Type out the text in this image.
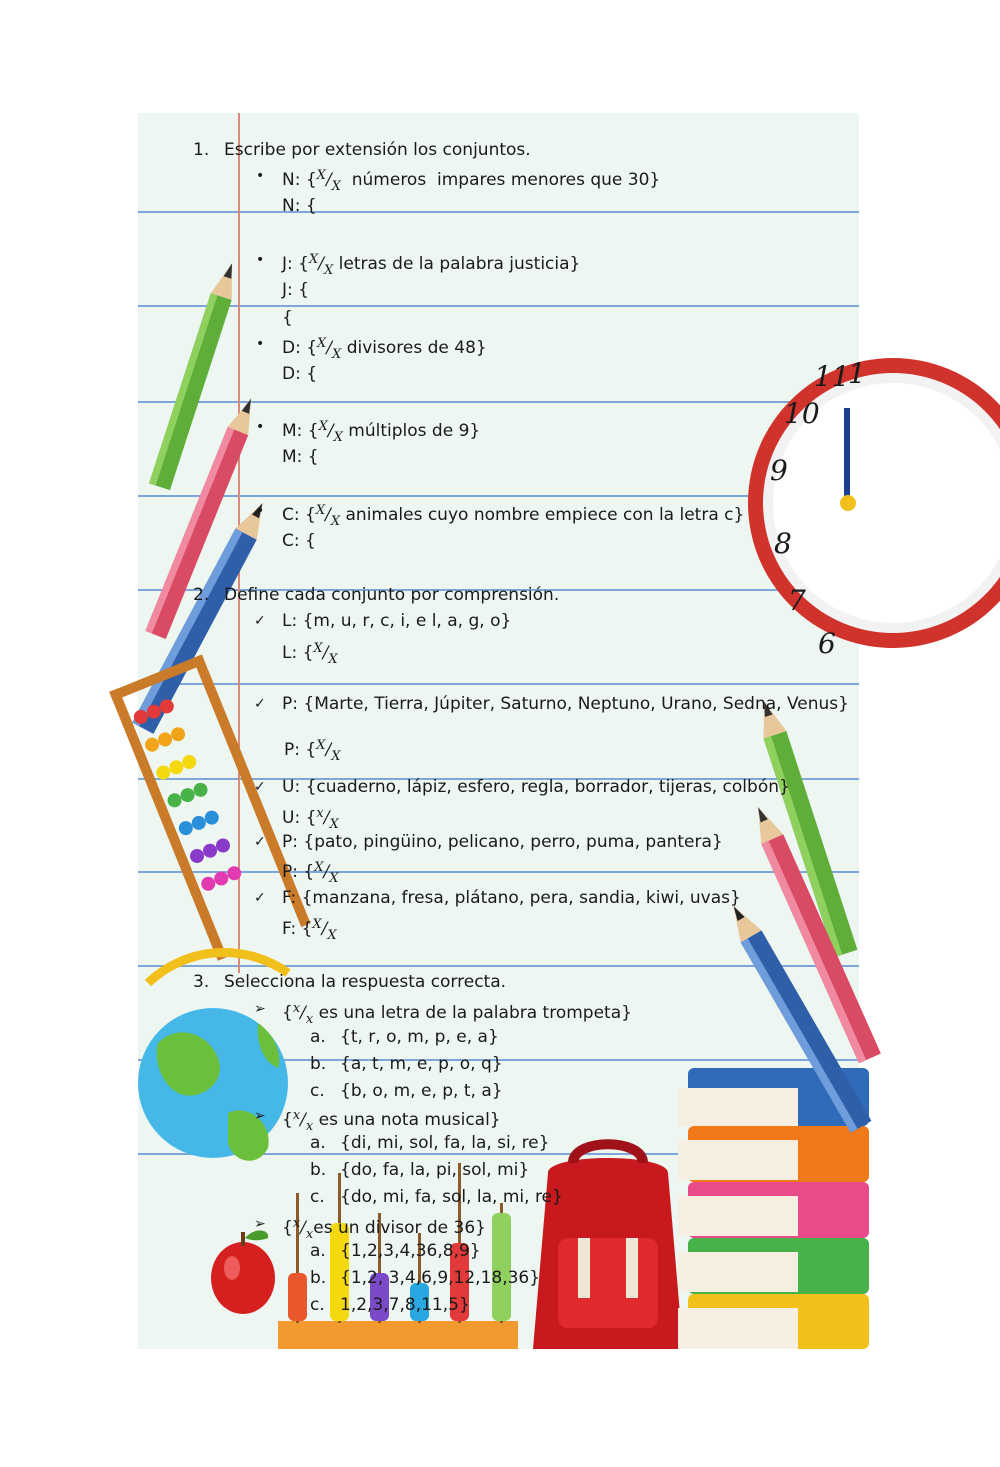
11
1
10
9
8
7
6
1. Escribe por extensión los conjuntos.
• N: {$^X/_X$  números  impares menores que 30}
N: {
• J: {$^X/_X$ letras de la palabra justicia}
J: {
{
• D: {$^X/_X$ divisores de 48}
D: {
• M: {$^X/_X$ múltiplos de 9}
M: {
• C: {$^X/_X$ animales cuyo nombre empiece con la letra c}
C: {
2. Define cada conjunto por comprensión.
✓ L: {m, u, r, c, i, e l, a, g, o}
L: {$^X/_X$
✓ P: {Marte, Tierra, Júpiter, Saturno, Neptuno, Urano, Sedna, Venus}
P: {$^X/_X$
✓ U: {cuaderno, lápiz, esfero, regla, borrador, tijeras, colbón}
U: {$^x/_X$
✓ P: {pato, pingüino, pelicano, perro, puma, pantera}
P: {$^X/_X$
✓ F: {manzana, fresa, plátano, pera, sandia, kiwi, uvas}
F: {$^X/_X$
3. Selecciona la respuesta correcta.
➢ {$^x/_x$ es una letra de la palabra trompeta}
a. {t, r, o, m, p, e, a}
b. {a, t, m, e, p, o, q}
c. {b, o, m, e, p, t, a}
➢ {$^x/_x$ es una nota musical}
a. {di, mi, sol, fa, la, si, re}
b. {do, fa, la, pi, sol, mi}
c. {do, mi, fa, sol, la, mi, re}
➢ {$^x/_xes$ un divisor de 36}
a. {1,2,3,4,36,8,9}
b. {1,2, 3,4,6,9,12,18,36}
c. 1,2,3,7,8,11,5}
